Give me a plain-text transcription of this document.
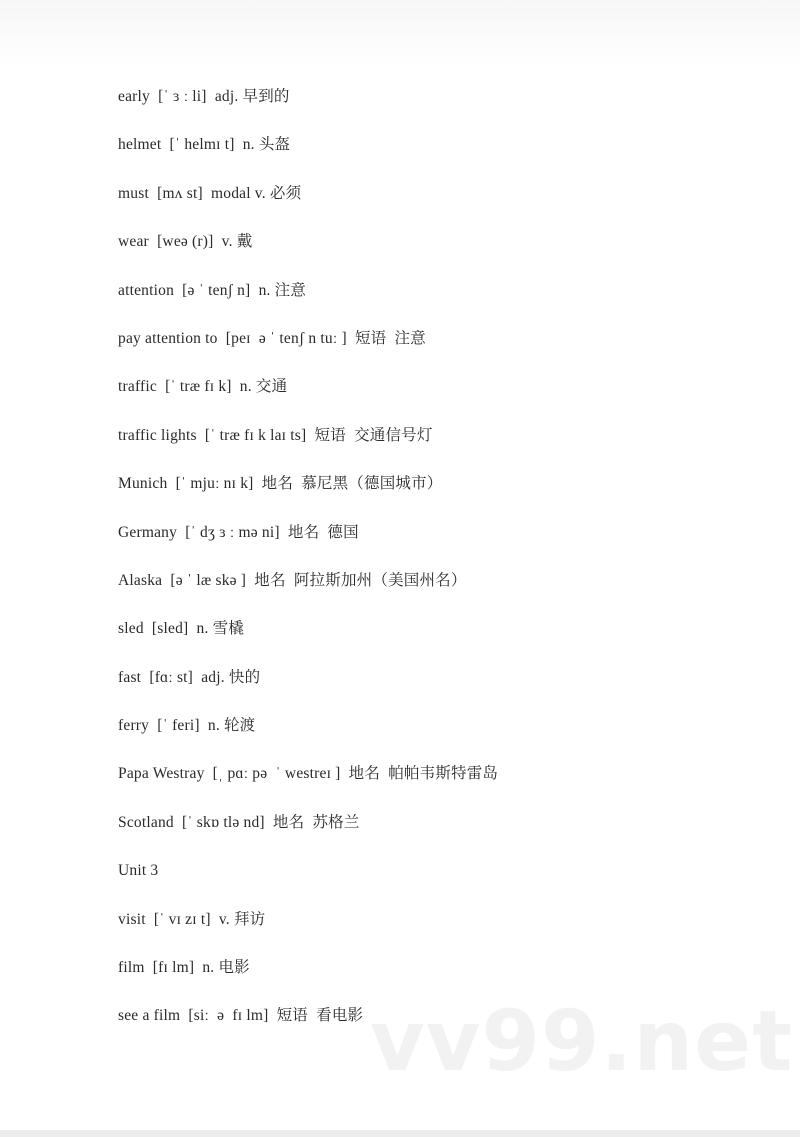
early  [ˈ ɜ ː li]  adj. 早到的
helmet  [ˈ helmɪ t]  n. 头盔
must  [mʌ st]  modal v. 必须
wear  [weə (r)]  v. 戴
attention  [ə ˈ tenʃ n]  n. 注意
pay attention to  [peɪ  ə ˈ tenʃ n tuː ]  短语  注意
traffic  [ˈ træ fɪ k]  n. 交通
traffic lights  [ˈ træ fɪ k laɪ ts]  短语  交通信号灯
Munich  [ˈ mjuː nɪ k]  地名  慕尼黑（德国城市）
Germany  [ˈ dʒ ɜ ː mə ni]  地名  德国
Alaska  [ə ˈ læ skə ]  地名  阿拉斯加州（美国州名）
sled  [sled]  n. 雪橇
fast  [fɑː st]  adj. 快的
ferry  [ˈ feri]  n. 轮渡
Papa Westray  [ˌ pɑː pə  ˈ westreɪ ]  地名  帕帕韦斯特雷岛
Scotland  [ˈ skɒ tlə nd]  地名  苏格兰
Unit 3
visit  [ˈ vɪ zɪ t]  v. 拜访
film  [fɪ lm]  n. 电影
see a film  [siː  ə  fɪ lm]  短语  看电影 vv99.net
